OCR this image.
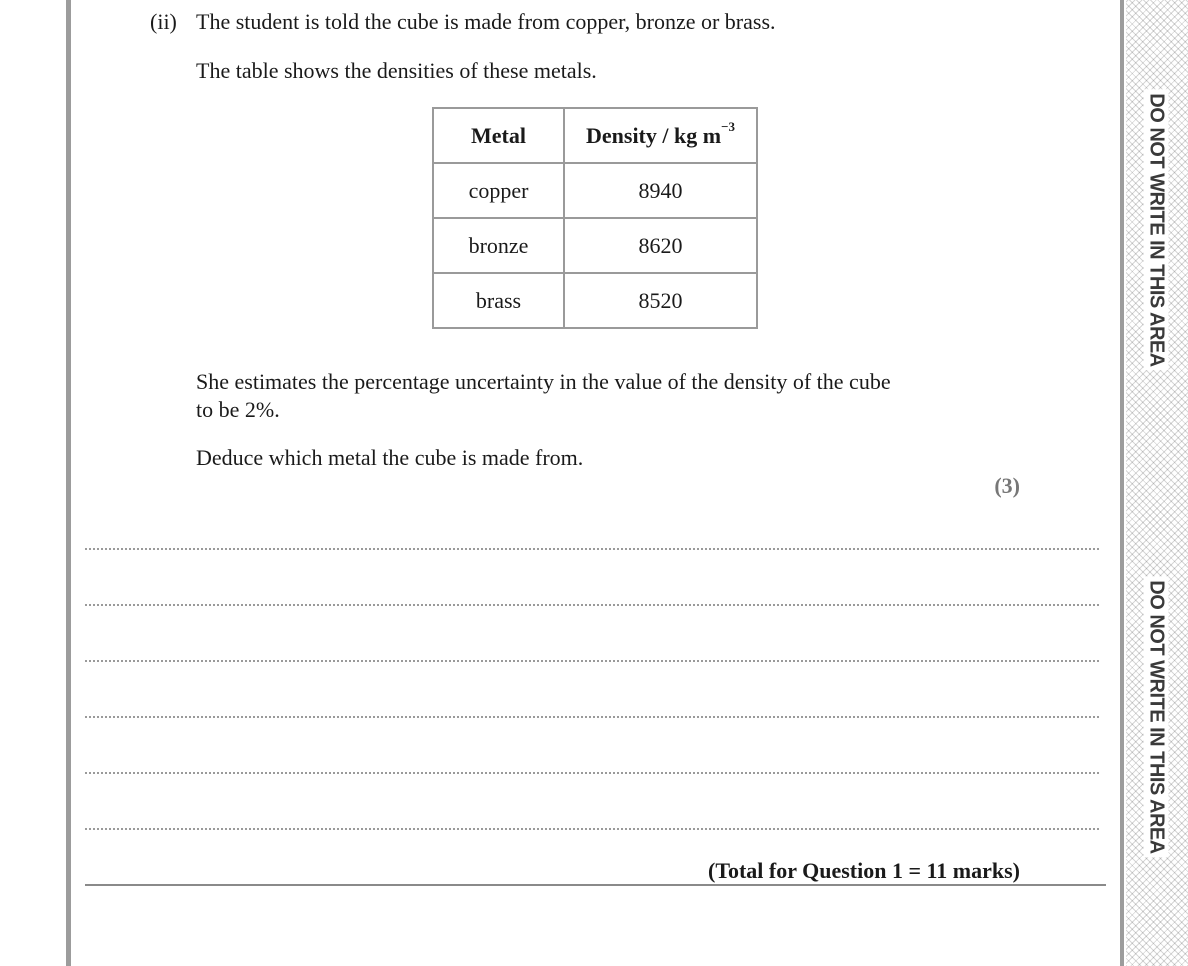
DO NOT WRITE IN THIS AREA
DO NOT WRITE IN THIS AREA
(ii) The student is told the cube is made from copper, bronze or brass.
The table shows the densities of these metals.
Metal	Density / kg $m^{-3}$
copper	8940
bronze	8620
brass	8520
She estimates the percentage uncertainty in the value of the density of the cube
to be 2%.
Deduce which metal the cube is made from.
(3)
(Total for Question 1 = 11 marks)
